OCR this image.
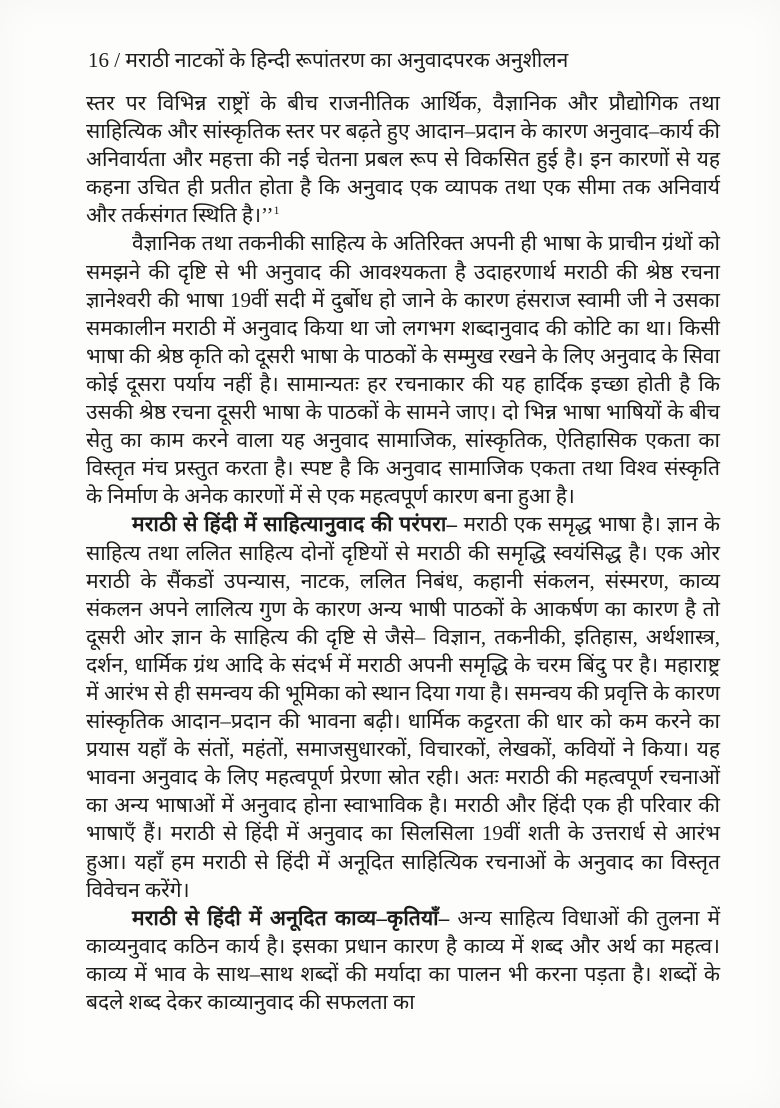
16 / मराठी नाटकों के हिन्दी रूपांतरण का अनुवादपरक अनुशीलन

स्तर पर विभिन्न राष्ट्रों के बीच राजनीतिक आर्थिक, वैज्ञानिक और प्रौद्योगिक तथा साहित्यिक और सांस्कृतिक स्तर पर बढ़ते हुए आदान–प्रदान के कारण अनुवाद–कार्य की अनिवार्यता और महत्ता की नई चेतना प्रबल रूप से विकसित हुई है। इन कारणों से यह कहना उचित ही प्रतीत होता है कि अनुवाद एक व्यापक तथा एक सीमा तक अनिवार्य और तर्कसंगत स्थिति है।’’$^1$

वैज्ञानिक तथा तकनीकी साहित्य के अतिरिक्त अपनी ही भाषा के प्राचीन ग्रंथों को समझने की दृष्टि से भी अनुवाद की आवश्यकता है उदाहरणार्थ मराठी की श्रेष्ठ रचना ज्ञानेश्वरी की भाषा 19वीं सदी में दुर्बोध हो जाने के कारण हंसराज स्वामी जी ने उसका समकालीन मराठी में अनुवाद किया था जो लगभग शब्दानुवाद की कोटि का था। किसी भाषा की श्रेष्ठ कृति को दूसरी भाषा के पाठकों के सम्मुख रखने के लिए अनुवाद के सिवा कोई दूसरा पर्याय नहीं है। सामान्यतः हर रचनाकार की यह हार्दिक इच्छा होती है कि उसकी श्रेष्ठ रचना दूसरी भाषा के पाठकों के सामने जाए। दो भिन्न भाषा भाषियों के बीच सेतु का काम करने वाला यह अनुवाद सामाजिक, सांस्कृतिक, ऐतिहासिक एकता का विस्तृत मंच प्रस्तुत करता है। स्पष्ट है कि अनुवाद सामाजिक एकता तथा विश्व संस्कृति के निर्माण के अनेक कारणों में से एक महत्वपूर्ण कारण बना हुआ है।

मराठी से हिंदी में साहित्यानुवाद की परंपरा– मराठी एक समृद्ध भाषा है। ज्ञान के साहित्य तथा ललित साहित्य दोनों दृष्टियों से मराठी की समृद्धि स्वयंसिद्ध है। एक ओर मराठी के सैंकडों उपन्यास, नाटक, ललित निबंध, कहानी संकलन, संस्मरण, काव्य संकलन अपने लालित्य गुण के कारण अन्य भाषी पाठकों के आकर्षण का कारण है तो दूसरी ओर ज्ञान के साहित्य की दृष्टि से जैसे– विज्ञान, तकनीकी, इतिहास, अर्थशास्त्र, दर्शन, धार्मिक ग्रंथ आदि के संदर्भ में मराठी अपनी समृद्धि के चरम बिंदु पर है। महाराष्ट्र में आरंभ से ही समन्वय की भूमिका को स्थान दिया गया है। समन्वय की प्रवृत्ति के कारण सांस्कृतिक आदान–प्रदान की भावना बढ़ी। धार्मिक कट्टरता की धार को कम करने का प्रयास यहाँ के संतों, महंतों, समाजसुधारकों, विचारकों, लेखकों, कवियों ने किया। यह भावना अनुवाद के लिए महत्वपूर्ण प्रेरणा स्रोत रही। अतः मराठी की महत्वपूर्ण रचनाओं का अन्य भाषाओं में अनुवाद होना स्वाभाविक है। मराठी और हिंदी एक ही परिवार की भाषाएँ हैं। मराठी से हिंदी में अनुवाद का सिलसिला 19वीं शती के उत्तरार्ध से आरंभ हुआ। यहाँ हम मराठी से हिंदी में अनूदित साहित्यिक रचनाओं के अनुवाद का विस्तृत विवेचन करेंगे।

मराठी से हिंदी में अनूदित काव्य–कृतियाँ– अन्य साहित्य विधाओं की तुलना में काव्यनुवाद कठिन कार्य है। इसका प्रधान कारण है काव्य में शब्द और अर्थ का महत्व। काव्य में भाव के साथ–साथ शब्दों की मर्यादा का पालन भी करना पड़ता है। शब्दों के बदले शब्द देकर काव्यानुवाद की सफलता का
